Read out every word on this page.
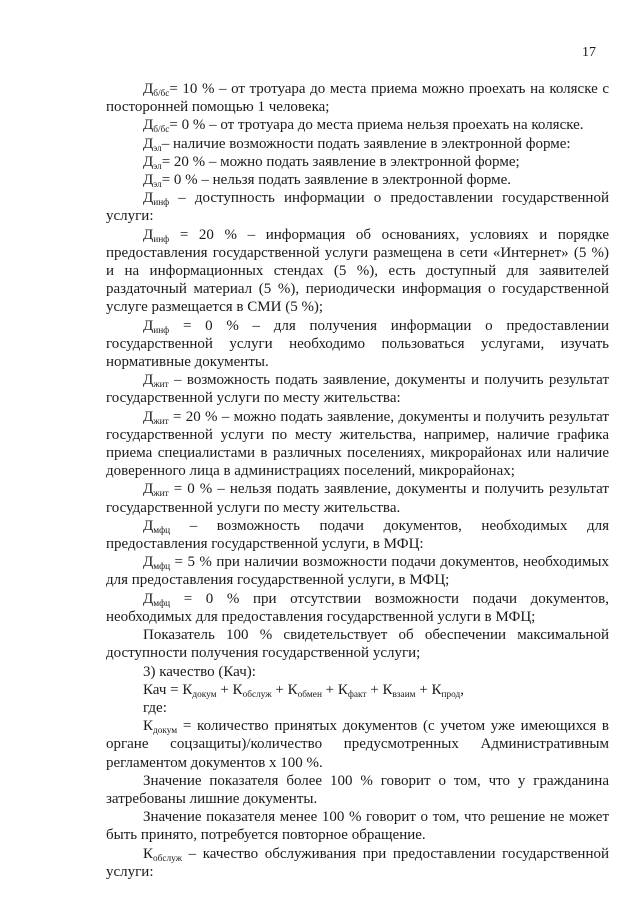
17

$Д_{б/бс}= 10$ % – от тротуара до места приема можно проехать на коляске с посторонней помощью 1 человека;

$Д_{б/бс}= 0$ % – от тротуара до места приема нельзя проехать на коляске.

$Д_{эл}-$ наличие возможности подать заявление в электронной форме:

$Д_{эл}= 20$ % – можно подать заявление в электронной форме;

$Д_{эл}= 0$ % – нельзя подать заявление в электронной форме.

$Д_{инф}$ – доступность информации о предоставлении государственной услуги:

$Д_{инф} = 20$ % – информация об основаниях, условиях и порядке предоставления государственной услуги размещена в сети «Интернет» (5 %) и на информационных стендах (5 %), есть доступный для заявителей раздаточный материал (5 %), периодически информация о государственной услуге размещается в СМИ (5 %);

$Д_{инф} = 0$ % – для получения информации о предоставлении государственной услуги необходимо пользоваться услугами, изучать нормативные документы.

$Д_{жит}$ – возможность подать заявление, документы и получить результат государственной услуги по месту жительства:

$Д_{жит} = 20$ % – можно подать заявление, документы и получить результат государственной услуги по месту жительства, например, наличие графика приема специалистами в различных поселениях, микрорайонах или наличие доверенного лица в администрациях поселений, микрорайонах;

$Д_{жит} = 0$ % – нельзя подать заявление, документы и получить результат государственной услуги по месту жительства.

$Д_{мфц}$ – возможность подачи документов, необходимых для предоставления государственной услуги, в МФЦ:

$Д_{мфц} = 5$ % при наличии возможности подачи документов, необходимых для предоставления государственной услуги, в МФЦ;

$Д_{мфц} = 0$ % при отсутствии возможности подачи документов, необходимых для предоставления государственной услуги в МФЦ;

Показатель 100 % свидетельствует об обеспечении максимальной доступности получения государственной услуги;

3) качество (Кач):

Кач = $К_{докум} + К_{обслуж} + К_{обмен} + К_{факт} + К_{взаим} + К_{прод}$,

где:

$К_{докум}$ = количество принятых документов (с учетом уже имеющихся в органе соцзащиты)/количество предусмотренных Административным регламентом документов х 100 %.

Значение показателя более 100 % говорит о том, что у гражданина затребованы лишние документы.

Значение показателя менее 100 % говорит о том, что решение не может быть принято, потребуется повторное обращение.

$К_{обслуж}$ – качество обслуживания при предоставлении государственной услуги:
